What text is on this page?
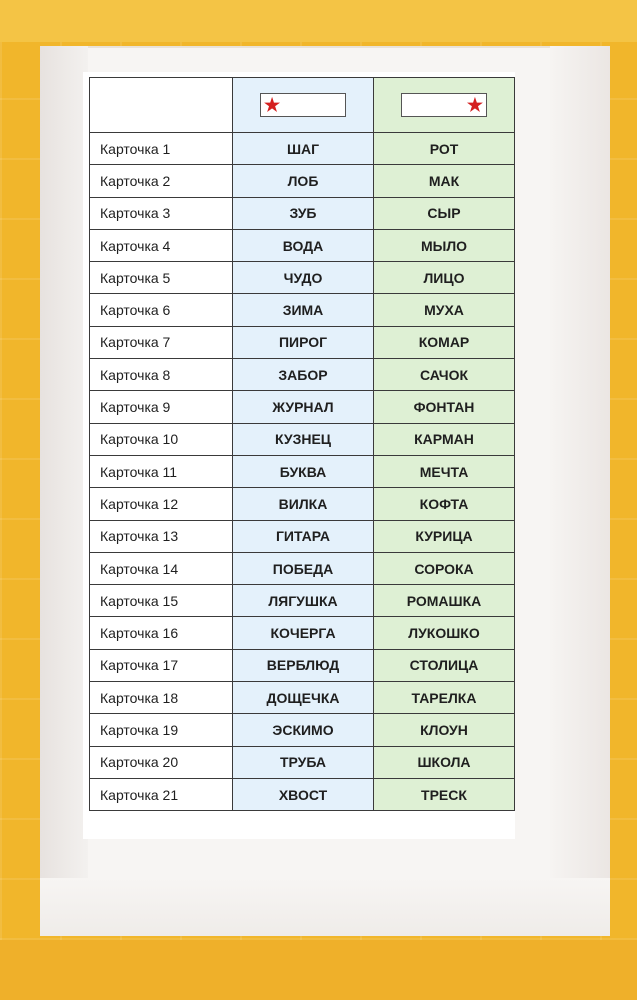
	★	★

Карточка 1	ШАГ	РОТ
Карточка 2	ЛОБ	МАК
Карточка 3	ЗУБ	СЫР
Карточка 4	ВОДА	МЫЛО
Карточка 5	ЧУДО	ЛИЦО
Карточка 6	ЗИМА	МУХА
Карточка 7	ПИРОГ	КОМАР
Карточка 8	ЗАБОР	САЧОК
Карточка 9	ЖУРНАЛ	ФОНТАН
Карточка 10	КУЗНЕЦ	КАРМАН
Карточка 11	БУКВА	МЕЧТА
Карточка 12	ВИЛКА	КОФТА
Карточка 13	ГИТАРА	КУРИЦА
Карточка 14	ПОБЕДА	СОРОКА
Карточка 15	ЛЯГУШКА	РОМАШКА
Карточка 16	КОЧЕРГА	ЛУКОШКО
Карточка 17	ВЕРБЛЮД	СТОЛИЦА
Карточка 18	ДОЩЕЧКА	ТАРЕЛКА
Карточка 19	ЭСКИМО	КЛОУН
Карточка 20	ТРУБА	ШКОЛА
Карточка 21	ХВОСТ	ТРЕСК
